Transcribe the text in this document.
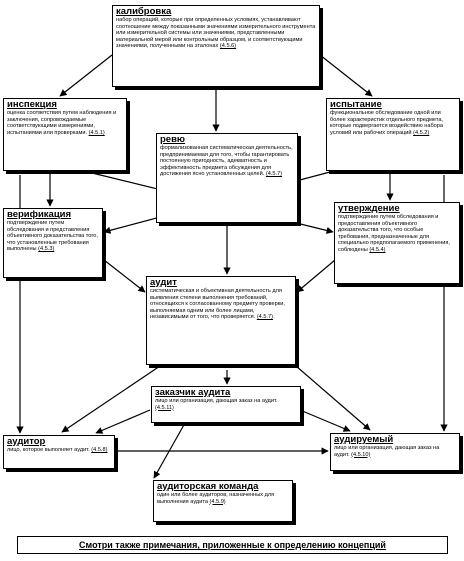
калибровка
набор операций, которые при определенных условиях, устанавливают соотношение между показанными значениями измерительного инструмента или измерительной системы или значениями, представленными материальной мерой или контрольным образцом, и соответствующими значениями, полученными на эталонах (4.5.6)
инспекция
оценка соответствия путем наблюдения и заключения, сопровождаемые соответствующими измерениями, испытаниями или проверками. (4.5.1)
испытание
функциональное обследование одной или более характеристик отдельного предмета, которые подвергается воздействию набора условий или рабочих операций (4.5.2)
ревю
формализованная систематическая деятельность, предпринимаемая для того, чтобы гарантировать постоянную пригодность, адекватность и эффективность предмета обсуждения для достижения ясно установленных целей. (4.5.7)
верификация
подтверждение путем обследования и представления объективного доказательства того, что установленные требования выполнены (4.5.3)
утверждение
подтверждение путем обследования и предоставления объективного доказательства того, что особые требования, предназначенные для специально предполагаемого применения, соблюдены (4.5.4)
аудит
систематическая и объективная деятельность для выявления степени выполнения требований, относящихся к согласованному предмету проверки, выполняемая одним или более лицами, независимыми от того, что проверяется. (4.5.7)
заказчик аудита
лицо или организация, дающая заказ на аудит. (4.5.11)
аудитор
лицо, которое выполняет аудит. (4.5.8)
аудируемый
лицо или организация, дающая заказ на аудит. (4.5.10)
аудиторская команда
один или более аудиторов, назначенных для выполнения аудита (4.5.9)
Смотри также примечания, приложенные к определению концепций
